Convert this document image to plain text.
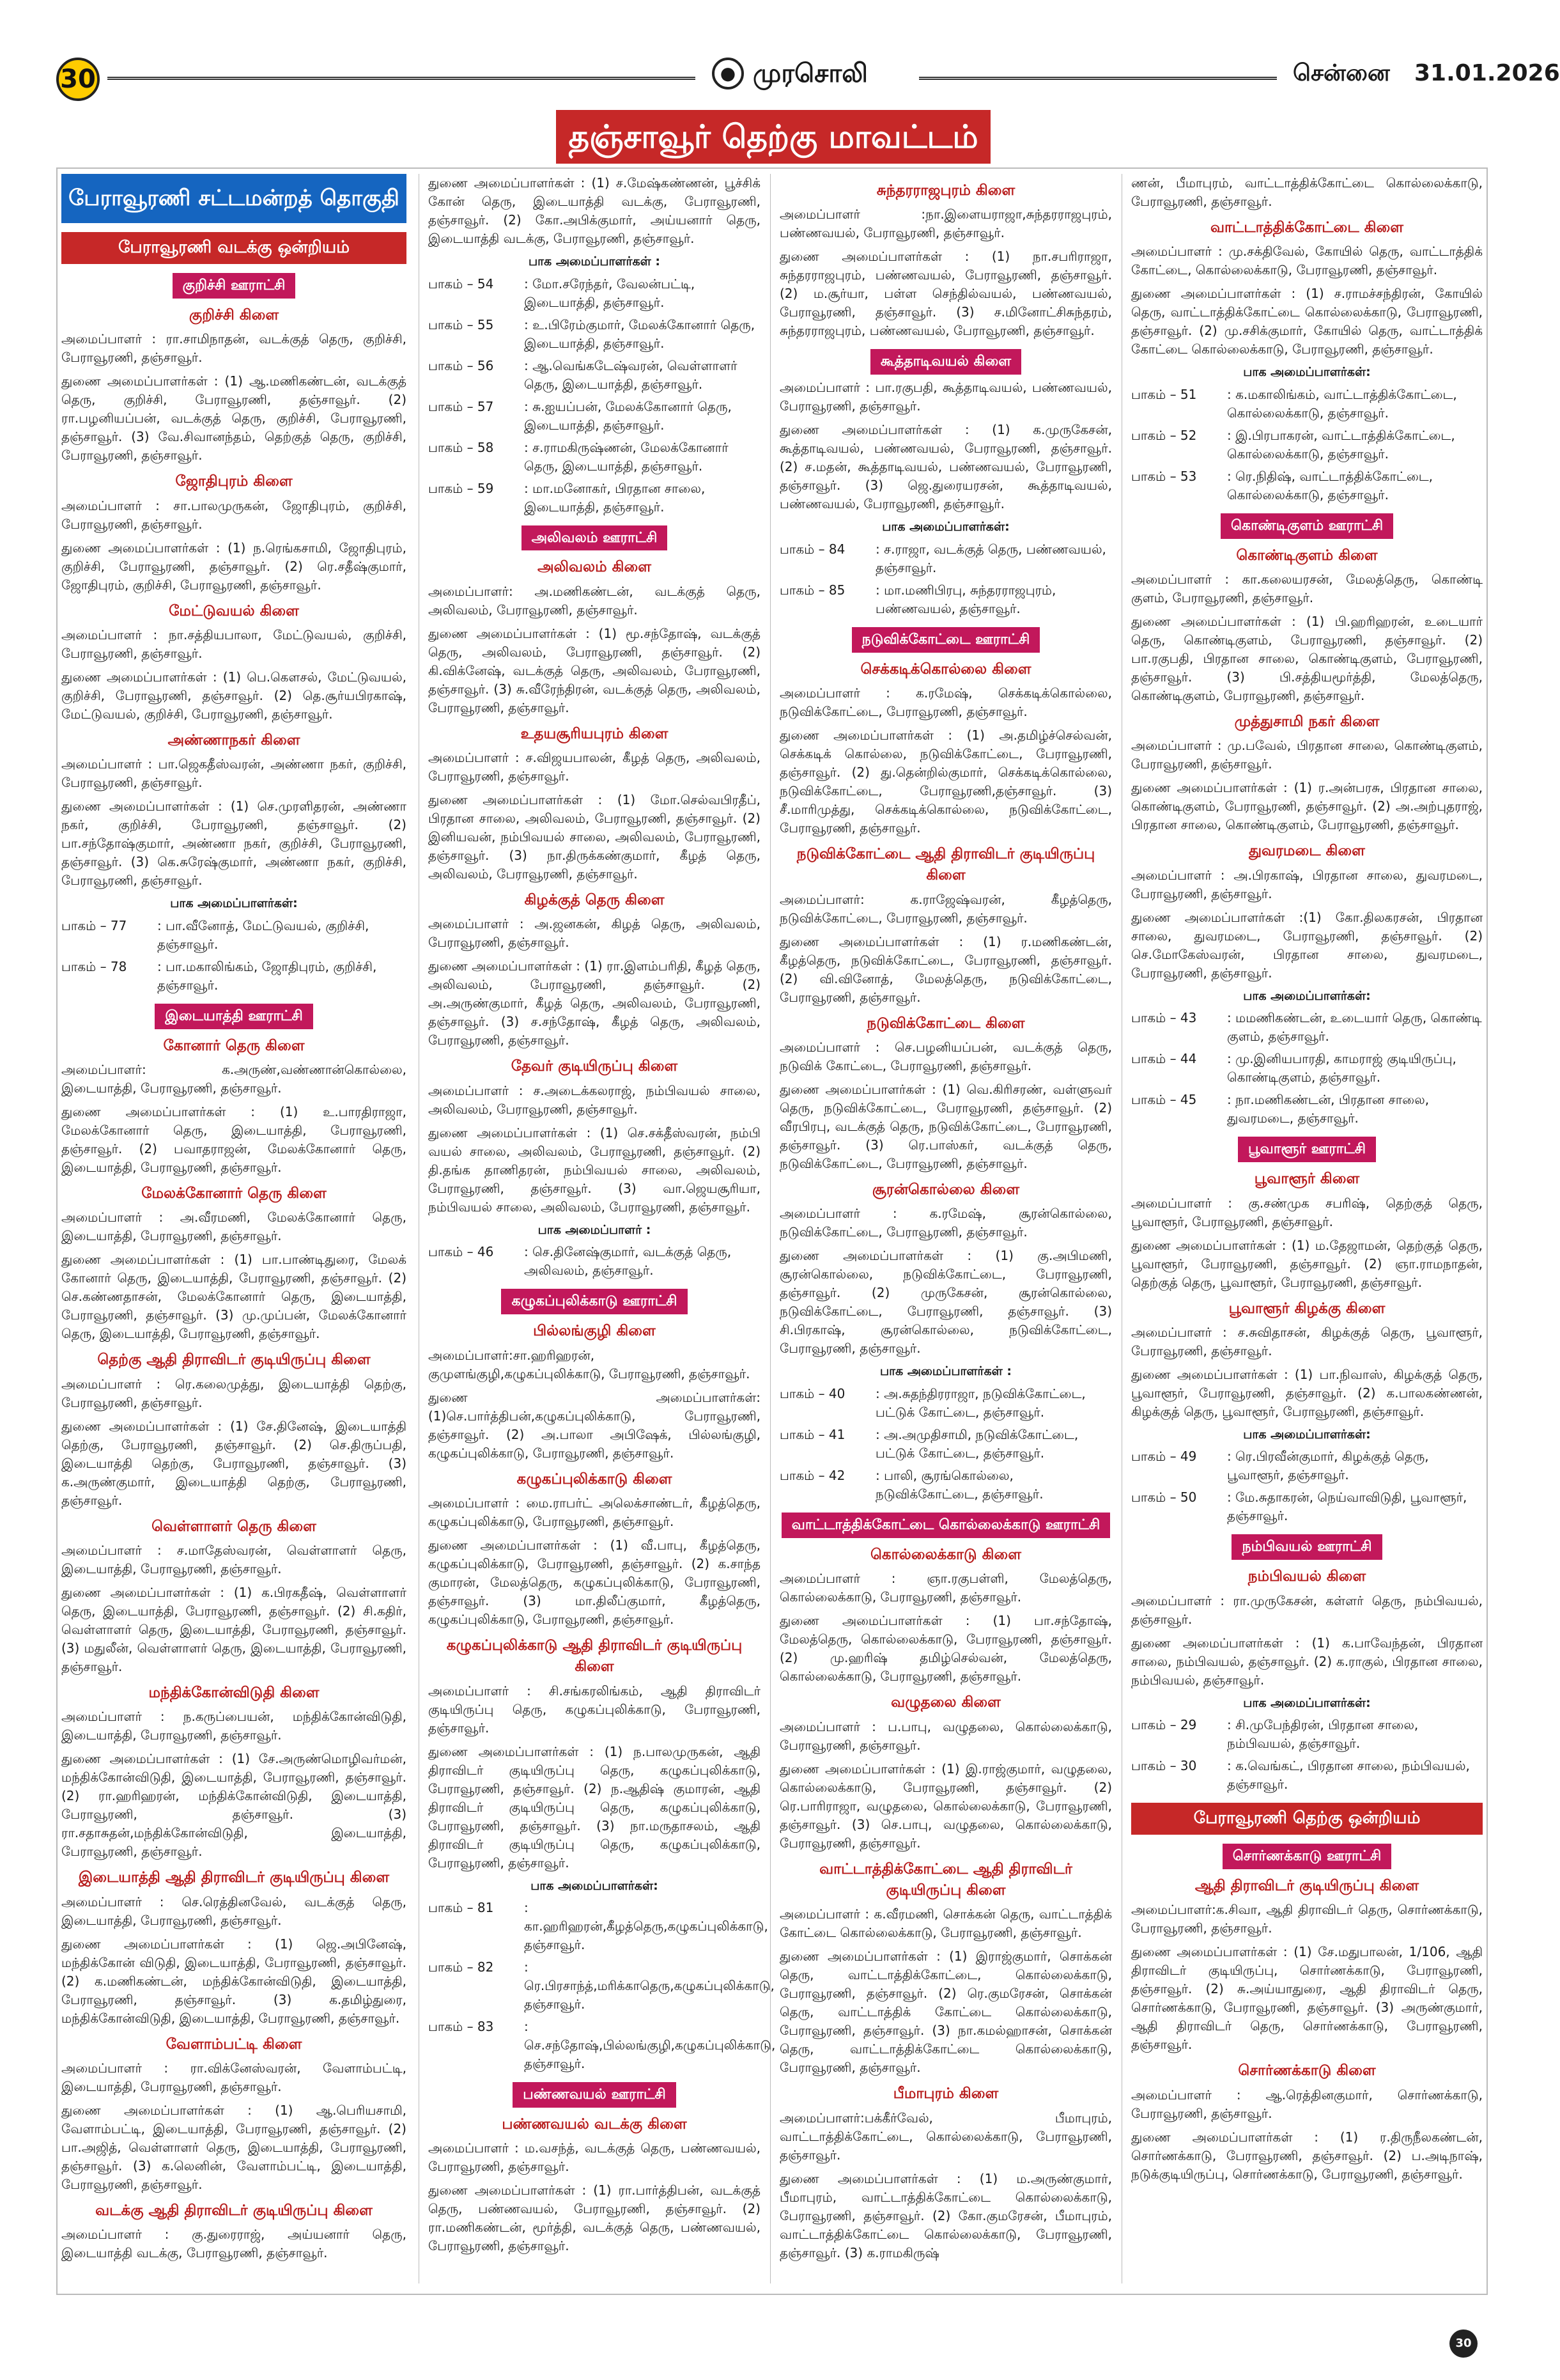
30	● முரசொலி	சென்னை 31.01.2026
தஞ்சாவூர் தெற்கு மாவட்டம்
பேராவூரணி சட்டமன்றத் தொகுதி
பேராவூரணி வடக்கு ஒன்றியம்
குறிச்சி ஊராட்சி
குறிச்சி கிளை

அமைப்பாளர் : ரா.சாமிநாதன், வடக்குத் தெரு, குறிச்சி, பேராவூரணி, தஞ்சாவூர்.

துணை அமைப்பாளர்கள் : (1) ஆ.மணிகண்டன், வடக்குத் தெரு, குறிச்சி, பேராவூரணி, தஞ்சாவூர். (2) ரா.பழனியப்பன், வடக்குத் தெரு, குறிச்சி, பேராவூரணி, தஞ்சாவூர். (3) வே.சிவானந்தம், தெற்குத் தெரு, குறிச்சி, பேராவூரணி, தஞ்சாவூர்.

ஜோதிபுரம் கிளை

அமைப்பாளர் : சா.பாலமுருகன், ஜோதிபுரம், குறிச்சி, பேராவூரணி, தஞ்சாவூர்.

துணை அமைப்பாளர்கள் : (1) ந.ரெங்கசாமி, ஜோதிபுரம், குறிச்சி, பேராவூரணி, தஞ்சாவூர். (2) ரெ.சதீஷ்குமார், ஜோதிபுரம், குறிச்சி, பேராவூரணி, தஞ்சாவூர்.

மேட்டுவயல் கிளை

அமைப்பாளர் : நா.சத்தியபாலா, மேட்டுவயல், குறிச்சி, பேராவூரணி, தஞ்சாவூர்.

துணை அமைப்பாளர்கள் : (1) பெ.கௌசல், மேட்டுவயல், குறிச்சி, பேராவூரணி, தஞ்சாவூர். (2) தெ.சூர்யபிரகாஷ், மேட்டுவயல், குறிச்சி, பேராவூரணி, தஞ்சாவூர்.

அண்ணாநகர் கிளை

அமைப்பாளர் : பா.ஜெகதீஸ்வரன், அண்ணா நகர், குறிச்சி, பேராவூரணி, தஞ்சாவூர்.

துணை அமைப்பாளர்கள் : (1) செ.முரளிதரன், அண்ணா நகர், குறிச்சி, பேராவூரணி, தஞ்சாவூர். (2) பா.சந்தோஷ்குமார், அண்ணா நகர், குறிச்சி, பேராவூரணி, தஞ்சாவூர். (3) கெ.சுரேஷ்குமார், அண்ணா நகர், குறிச்சி, பேராவூரணி, தஞ்சாவூர்.

பாக அமைப்பாளர்கள்:
பாகம் – 77	: பா.வீனோத், மேட்டுவயல், குறிச்சி, தஞ்சாவூர்.
பாகம் – 78	: பா.மகாலிங்கம், ஜோதிபுரம், குறிச்சி, தஞ்சாவூர்.
இடையாத்தி ஊராட்சி
கோனார் தெரு கிளை

அமைப்பாளர்: க.அருண்,வண்ணான்கொல்லை, இடையாத்தி, பேராவூரணி, தஞ்சாவூர்.

துணை அமைப்பாளர்கள் : (1) உ.பாரதிராஜா, மேலக்கோனார் தெரு, இடையாத்தி, பேராவூரணி, தஞ்சாவூர். (2) பவாதராஜன், மேலக்கோனார் தெரு, இடையாத்தி, பேராவூரணி, தஞ்சாவூர்.

மேலக்கோனார் தெரு கிளை

அமைப்பாளர் : அ.வீரமணி, மேலக்கோனார் தெரு, இடையாத்தி, பேராவூரணி, தஞ்சாவூர்.

துணை அமைப்பாளர்கள் : (1) பா.பாண்டிதுரை, மேலக் கோனார் தெரு, இடையாத்தி, பேராவூரணி, தஞ்சாவூர். (2) செ.கண்ணதாசன், மேலக்கோனார் தெரு, இடையாத்தி, பேராவூரணி, தஞ்சாவூர். (3) மு.முப்பன், மேலக்கோனார் தெரு, இடையாத்தி, பேராவூரணி, தஞ்சாவூர்.

தெற்கு ஆதி திராவிடர் குடியிருப்பு கிளை

அமைப்பாளர் : ரெ.கலைமுத்து, இடையாத்தி தெற்கு, பேராவூரணி, தஞ்சாவூர்.

துணை அமைப்பாளர்கள் : (1) சே.தினேஷ், இடையாத்தி தெற்கு, பேராவூரணி, தஞ்சாவூர். (2) செ.திருப்பதி, இடையாத்தி தெற்கு, பேராவூரணி, தஞ்சாவூர். (3) க.அருண்குமார், இடையாத்தி தெற்கு, பேராவூரணி, தஞ்சாவூர்.

வெள்ளாளர் தெரு கிளை

அமைப்பாளர் : ச.மாதேஸ்வரன், வெள்ளாளர் தெரு, இடையாத்தி, பேராவூரணி, தஞ்சாவூர்.

துணை அமைப்பாளர்கள் : (1) க.பிரகதீஷ், வெள்ளாளர் தெரு, இடையாத்தி, பேராவூரணி, தஞ்சாவூர். (2) சி.கதிர், வெள்ளாளர் தெரு, இடையாத்தி, பேராவூரணி, தஞ்சாவூர். (3) மதுலீன், வெள்ளாளர் தெரு, இடையாத்தி, பேராவூரணி, தஞ்சாவூர்.

மந்திக்கோன்விடுதி கிளை

அமைப்பாளர் : ந.கருப்பையன், மந்திக்கோன்விடுதி, இடையாத்தி, பேராவூரணி, தஞ்சாவூர்.

துணை அமைப்பாளர்கள் : (1) சே.அருண்மொழிவர்மன், மந்திக்கோன்விடுதி, இடையாத்தி, பேராவூரணி, தஞ்சாவூர். (2) ரா.ஹரிஹரன், மந்திக்கோன்விடுதி, இடையாத்தி, பேராவூரணி, தஞ்சாவூர். (3) ரா.சதாசுதன்,மந்திக்கோன்விடுதி, இடையாத்தி, பேராவூரணி, தஞ்சாவூர்.

இடையாத்தி ஆதி திராவிடர் குடியிருப்பு கிளை

அமைப்பாளர் : செ.ரெத்தினவேல், வடக்குத் தெரு, இடையாத்தி, பேராவூரணி, தஞ்சாவூர்.

துணை அமைப்பாளர்கள் : (1) ஜெ.அபினேஷ், மந்திக்கோன் விடுதி, இடையாத்தி, பேராவூரணி, தஞ்சாவூர். (2) க.மணிகண்டன், மந்திக்கோன்விடுதி, இடையாத்தி, பேராவூரணி, தஞ்சாவூர். (3) க.தமிழ்துரை, மந்திக்கோன்விடுதி, இடையாத்தி, பேராவூரணி, தஞ்சாவூர்.

வேளாம்பட்டி கிளை

அமைப்பாளர் : ரா.விக்னேஸ்வரன், வேளாம்பட்டி, இடையாத்தி, பேராவூரணி, தஞ்சாவூர்.

துணை அமைப்பாளர்கள் : (1) ஆ.பெரியசாமி, வேளாம்பட்டி, இடையாத்தி, பேராவூரணி, தஞ்சாவூர். (2) பா.அஜித், வெள்ளாளர் தெரு, இடையாத்தி, பேராவூரணி, தஞ்சாவூர். (3) க.லெனின், வேளாம்பட்டி, இடையாத்தி, பேராவூரணி, தஞ்சாவூர்.

வடக்கு ஆதி திராவிடர் குடியிருப்பு கிளை

அமைப்பாளர் : கு.துரைராஜ், அய்யனார் தெரு, இடையாத்தி வடக்கு, பேராவூரணி, தஞ்சாவூர்.

துணை அமைப்பாளர்கள் : (1) ச.மேஷ்கண்ணன், பூச்சிக் கோன் தெரு, இடையாத்தி வடக்கு, பேராவூரணி, தஞ்சாவூர். (2) கோ.அபிக்குமார், அய்யனார் தெரு, இடையாத்தி வடக்கு, பேராவூரணி, தஞ்சாவூர்.

பாக அமைப்பாளர்கள் :
பாகம் – 54	: மோ.சரேந்தர், வேலன்பட்டி, இடையாத்தி, தஞ்சாவூர்.
பாகம் – 55	: உ.பிரேம்குமார், மேலக்கோனார் தெரு, இடையாத்தி, தஞ்சாவூர்.
பாகம் – 56	: ஆ.வெங்கடேஷ்வரன், வெள்ளாளர் தெரு, இடையாத்தி, தஞ்சாவூர்.
பாகம் – 57	: சு.ஐயப்பன், மேலக்கோனார் தெரு, இடையாத்தி, தஞ்சாவூர்.
பாகம் – 58	: ச.ராமகிருஷ்ணன், மேலக்கோனார் தெரு, இடையாத்தி, தஞ்சாவூர்.
பாகம் – 59	: மா.மனோகர், பிரதான சாலை, இடையாத்தி, தஞ்சாவூர்.
அலிவலம் ஊராட்சி
அலிவலம் கிளை

அமைப்பாளர்: அ.மணிகண்டன், வடக்குத் தெரு, அலிவலம், பேராவூரணி, தஞ்சாவூர்.

துணை அமைப்பாளர்கள் : (1) மூ.சந்தோஷ், வடக்குத் தெரு, அலிவலம், பேராவூரணி, தஞ்சாவூர். (2) கி.விக்னேஷ், வடக்குத் தெரு, அலிவலம், பேராவூரணி, தஞ்சாவூர். (3) சு.வீரேந்திரன், வடக்குத் தெரு, அலிவலம், பேராவூரணி, தஞ்சாவூர்.

உதயசூரியபுரம் கிளை

அமைப்பாளர் : ச.விஜயபாலன், கீழத் தெரு, அலிவலம், பேராவூரணி, தஞ்சாவூர்.

துணை அமைப்பாளர்கள் : (1) மோ.செல்வபிரதீப், பிரதான சாலை, அலிவலம், பேராவூரணி, தஞ்சாவூர். (2) இனியவன், நம்பிவயல் சாலை, அலிவலம், பேராவூரணி, தஞ்சாவூர். (3) நா.திருக்கண்குமார், கீழத் தெரு, அலிவலம், பேராவூரணி, தஞ்சாவூர்.

கிழக்குத் தெரு கிளை

அமைப்பாளர் : அ.ஜனகன், கிழத் தெரு, அலிவலம், பேராவூரணி, தஞ்சாவூர்.

துணை அமைப்பாளர்கள் : (1) ரா.இளம்பரிதி, கீழத் தெரு, அலிவலம், பேராவூரணி, தஞ்சாவூர். (2) அ.அருண்குமார், கீழத் தெரு, அலிவலம், பேராவூரணி, தஞ்சாவூர். (3) ச.சந்தோஷ், கீழத் தெரு, அலிவலம், பேராவூரணி, தஞ்சாவூர்.

தேவர் குடியிருப்பு கிளை

அமைப்பாளர் : ச.அடைக்கலராஜ், நம்பிவயல் சாலை, அலிவலம், பேராவூரணி, தஞ்சாவூர்.

துணை அமைப்பாளர்கள் : (1) செ.சக்தீஸ்வரன், நம்பி வயல் சாலை, அலிவலம், பேராவூரணி, தஞ்சாவூர். (2) தி.தங்க தாணிதரன், நம்பிவயல் சாலை, அலிவலம், பேராவூரணி, தஞ்சாவூர். (3) வா.ஜெயசூரியா, நம்பிவயல் சாலை, அலிவலம், பேராவூரணி, தஞ்சாவூர்.

பாக அமைப்பாளர் :
பாகம் – 46	: செ.தினேஷ்குமார், வடக்குத் தெரு, அலிவலம், தஞ்சாவூர்.
கழுகப்புலிக்காடு ஊராட்சி
பில்லங்குழி கிளை

அமைப்பாளர்:சா.ஹரிஹரன், குமுளங்குழி,கழுகப்புலிக்காடு, பேராவூரணி, தஞ்சாவூர்.

துணை அமைப்பாளர்கள்:(1)செ.பார்த்திபன்,கழுகப்புலிக்காடு, பேராவூரணி, தஞ்சாவூர். (2) அ.பாலா அபிஷேக், பில்லங்குழி, கழுகப்புலிக்காடு, பேராவூரணி, தஞ்சாவூர்.

கழுகப்புலிக்காடு கிளை

அமைப்பாளர் : மை.ராபர்ட் அலெக்சாண்டர், கீழத்தெரு, கழுகப்புலிக்காடு, பேராவூரணி, தஞ்சாவூர்.

துணை அமைப்பாளர்கள் : (1) வீ.பாபு, கீழத்தெரு, கழுகப்புலிக்காடு, பேராவூரணி, தஞ்சாவூர். (2) க.சாந்த குமாரன், மேலத்தெரு, கழுகப்புலிக்காடு, பேராவூரணி, தஞ்சாவூர். (3) மா.திலீப்குமார், கீழத்தெரு, கழுகப்புலிக்காடு, பேராவூரணி, தஞ்சாவூர்.

கழுகப்புலிக்காடு ஆதி திராவிடர் குடியிருப்பு கிளை

அமைப்பாளர் : சி.சங்கரலிங்கம், ஆதி திராவிடர் குடியிருப்பு தெரு, கழுகப்புலிக்காடு, பேராவூரணி, தஞ்சாவூர்.

துணை அமைப்பாளர்கள் : (1) ந.பாலமுருகன், ஆதி திராவிடர் குடியிருப்பு தெரு, கழுகப்புலிக்காடு, பேராவூரணி, தஞ்சாவூர். (2) ந.ஆதிஷ் குமாரன், ஆதி திராவிடர் குடியிருப்பு தெரு, கழுகப்புலிக்காடு, பேராவூரணி, தஞ்சாவூர். (3) நா.மருதாசலம், ஆதி திராவிடர் குடியிருப்பு தெரு, கழுகப்புலிக்காடு, பேராவூரணி, தஞ்சாவூர்.

பாக அமைப்பாளர்கள்:
பாகம் – 81	: கா.ஹரிஹரன்,கீழத்தெரு,கழுகப்புலிக்காடு, தஞ்சாவூர்.
பாகம் – 82	: ரெ.பிரசாந்த்,மரிக்காதெரு,கழுகப்புலிக்காடு, தஞ்சாவூர்.
பாகம் – 83	: செ.சந்தோஷ்,பில்லங்குழி,கழுகப்புலிக்காடு, தஞ்சாவூர்.
பண்ணவயல் ஊராட்சி
பண்ணவயல் வடக்கு கிளை

அமைப்பாளர் : ம.வசந்த், வடக்குத் தெரு, பண்ணவயல், பேராவூரணி, தஞ்சாவூர்.

துணை அமைப்பாளர்கள் : (1) ரா.பார்த்திபன், வடக்குத் தெரு, பண்ணவயல், பேராவூரணி, தஞ்சாவூர். (2) ரா.மணிகண்டன், மூர்த்தி, வடக்குத் தெரு, பண்ணவயல், பேராவூரணி, தஞ்சாவூர்.

சுந்தரராஜபுரம் கிளை

அமைப்பாளர் :நா.இளையராஜா,சுந்தரராஜபுரம், பண்ணவயல், பேராவூரணி, தஞ்சாவூர்.

துணை அமைப்பாளர்கள் : (1) நா.சபரிராஜா, சுந்தரராஜபுரம், பண்ணவயல், பேராவூரணி, தஞ்சாவூர். (2) ம.சூர்யா, பள்ள செந்தில்வயல், பண்ணவயல், பேராவூரணி, தஞ்சாவூர். (3) ச.மினோட்சிசுந்தரம், சுந்தரராஜபுரம், பண்ணவயல், பேராவூரணி, தஞ்சாவூர்.

கூத்தாடிவயல் கிளை

அமைப்பாளர் : பா.ரகுபதி, கூத்தாடிவயல், பண்ணவயல், பேராவூரணி, தஞ்சாவூர்.

துணை அமைப்பாளர்கள் : (1) க.முருகேசன், கூத்தாடிவயல், பண்ணவயல், பேராவூரணி, தஞ்சாவூர். (2) ச.மதன், கூத்தாடிவயல், பண்ணவயல், பேராவூரணி, தஞ்சாவூர். (3) ஜெ.துரையரசன், கூத்தாடிவயல், பண்ணவயல், பேராவூரணி, தஞ்சாவூர்.

பாக அமைப்பாளர்கள்:
பாகம் – 84	: ச.ராஜா, வடக்குத் தெரு, பண்ணவயல், தஞ்சாவூர்.
பாகம் – 85	: மா.மணிபிரபு, சுந்தரராஜபுரம், பண்ணவயல், தஞ்சாவூர்.
நடுவிக்கோட்டை ஊராட்சி
செக்கடிக்கொல்லை கிளை

அமைப்பாளர் : க.ரமேஷ், செக்கடிக்கொல்லை, நடுவிக்கோட்டை, பேராவூரணி, தஞ்சாவூர்.

துணை அமைப்பாளர்கள் : (1) அ.தமிழ்ச்செல்வன், செக்கடிக் கொல்லை, நடுவிக்கோட்டை, பேராவூரணி, தஞ்சாவூர். (2) து.தென்றில்குமார், செக்கடிக்கொல்லை, நடுவிக்கோட்டை, பேராவூரணி,தஞ்சாவூர். (3) சீ.மாரிமுத்து, செக்கடிக்கொல்லை, நடுவிக்கோட்டை, பேராவூரணி, தஞ்சாவூர்.

நடுவிக்கோட்டை ஆதி திராவிடர் குடியிருப்பு கிளை

அமைப்பாளர்: க.ராஜேஷ்வரன், கீழத்தெரு, நடுவிக்கோட்டை, பேராவூரணி, தஞ்சாவூர்.

துணை அமைப்பாளர்கள் : (1) ர.மணிகண்டன், கீழத்தெரு, நடுவிக்கோட்டை, பேராவூரணி, தஞ்சாவூர். (2) வி.வினோத், மேலத்தெரு, நடுவிக்கோட்டை, பேராவூரணி, தஞ்சாவூர்.

நடுவிக்கோட்டை கிளை

அமைப்பாளர் : செ.பழனியப்பன், வடக்குத் தெரு, நடுவிக் கோட்டை, பேராவூரணி, தஞ்சாவூர்.

துணை அமைப்பாளர்கள் : (1) வெ.கிரிசரண், வள்ளுவர் தெரு, நடுவிக்கோட்டை, பேராவூரணி, தஞ்சாவூர். (2) வீரபிரபு, வடக்குத் தெரு, நடுவிக்கோட்டை, பேராவூரணி, தஞ்சாவூர். (3) ரெ.பாஸ்கர், வடக்குத் தெரு, நடுவிக்கோட்டை, பேராவூரணி, தஞ்சாவூர்.

சூரன்கொல்லை கிளை

அமைப்பாளர் : க.ரமேஷ், சூரன்கொல்லை, நடுவிக்கோட்டை, பேராவூரணி, தஞ்சாவூர்.

துணை அமைப்பாளர்கள் : (1) கு.அபிமணி, சூரன்கொல்லை, நடுவிக்கோட்டை, பேராவூரணி, தஞ்சாவூர். (2) முருகேசன், சூரன்கொல்லை, நடுவிக்கோட்டை, பேராவூரணி, தஞ்சாவூர். (3) சி.பிரகாஷ், சூரன்கொல்லை, நடுவிக்கோட்டை, பேராவூரணி, தஞ்சாவூர்.

பாக அமைப்பாளர்கள் :
பாகம் – 40	: அ.சுதந்திரராஜா, நடுவிக்கோட்டை, பட்டுக் கோட்டை, தஞ்சாவூர்.
பாகம் – 41	: அ.அமுதிசாமி, நடுவிக்கோட்டை, பட்டுக் கோட்டை, தஞ்சாவூர்.
பாகம் – 42	: பாலி, சூரங்கொல்லை, நடுவிக்கோட்டை, தஞ்சாவூர்.
வாட்டாத்திக்கோட்டை கொல்லைக்காடு ஊராட்சி
கொல்லைக்காடு கிளை

அமைப்பாளர் : ஞா.ரகுபள்ளி, மேலத்தெரு, கொல்லைக்காடு, பேராவூரணி, தஞ்சாவூர்.

துணை அமைப்பாளர்கள் : (1) பா.சந்தோஷ், மேலத்தெரு, கொல்லைக்காடு, பேராவூரணி, தஞ்சாவூர். (2) மு.ஹரிஷ் தமிழ்செல்வன், மேலத்தெரு, கொல்லைக்காடு, பேராவூரணி, தஞ்சாவூர்.

வழுதலை கிளை

அமைப்பாளர் : ப.பாபு, வழுதலை, கொல்லைக்காடு, பேராவூரணி, தஞ்சாவூர்.

துணை அமைப்பாளர்கள் : (1) இ.ராஜ்குமார், வழுதலை, கொல்லைக்காடு, பேராவூரணி, தஞ்சாவூர். (2) ரெ.பாரிராஜா, வழுதலை, கொல்லைக்காடு, பேராவூரணி, தஞ்சாவூர். (3) செ.பாபு, வழுதலை, கொல்லைக்காடு, பேராவூரணி, தஞ்சாவூர்.

வாட்டாத்திக்கோட்டை ஆதி திராவிடர் குடியிருப்பு கிளை

அமைப்பாளர் : க.வீரமணி, சொக்கன் தெரு, வாட்டாத்திக் கோட்டை கொல்லைக்காடு, பேராவூரணி, தஞ்சாவூர்.

துணை அமைப்பாளர்கள் : (1) இராஜ்குமார், சொக்கன் தெரு, வாட்டாத்திக்கோட்டை, கொல்லைக்காடு, பேராவூரணி, தஞ்சாவூர். (2) ரெ.குமரேசன், சொக்கன் தெரு, வாட்டாத்திக் கோட்டை கொல்லைக்காடு, பேராவூரணி, தஞ்சாவூர். (3) நா.கமல்ஹாசன், சொக்கன் தெரு, வாட்டாத்திக்கோட்டை கொல்லைக்காடு, பேராவூரணி, தஞ்சாவூர்.

பீமாபுரம் கிளை

அமைப்பாளர்:பக்கீர்வேல், பீமாபுரம், வாட்டாத்திக்கோட்டை, கொல்லைக்காடு, பேராவூரணி, தஞ்சாவூர்.

துணை அமைப்பாளர்கள் : (1) ம.அருண்குமார், பீமாபுரம், வாட்டாத்திக்கோட்டை கொல்லைக்காடு, பேராவூரணி, தஞ்சாவூர். (2) கோ.குமரேசன், பீமாபுரம், வாட்டாத்திக்கோட்டை கொல்லைக்காடு, பேராவூரணி, தஞ்சாவூர். (3) க.ராமகிருஷ்

ணன், பீமாபுரம், வாட்டாத்திக்கோட்டை கொல்லைக்காடு, பேராவூரணி, தஞ்சாவூர்.

வாட்டாத்திக்கோட்டை கிளை

அமைப்பாளர் : மு.சக்திவேல், கோயில் தெரு, வாட்டாத்திக் கோட்டை, கொல்லைக்காடு, பேராவூரணி, தஞ்சாவூர்.

துணை அமைப்பாளர்கள் : (1) ச.ராமச்சந்திரன், கோயில் தெரு, வாட்டாத்திக்கோட்டை கொல்லைக்காடு, பேராவூரணி, தஞ்சாவூர். (2) மு.சசிக்குமார், கோயில் தெரு, வாட்டாத்திக் கோட்டை கொல்லைக்காடு, பேராவூரணி, தஞ்சாவூர்.

பாக அமைப்பாளர்கள்:
பாகம் – 51	: க.மகாலிங்கம், வாட்டாத்திக்கோட்டை, கொல்லைக்காடு, தஞ்சாவூர்.
பாகம் – 52	: இ.பிரபாகரன், வாட்டாத்திக்கோட்டை, கொல்லைக்காடு, தஞ்சாவூர்.
பாகம் – 53	: ரெ.நிதிஷ், வாட்டாத்திக்கோட்டை, கொல்லைக்காடு, தஞ்சாவூர்.
கொண்டிகுளம் ஊராட்சி
கொண்டிகுளம் கிளை

அமைப்பாளர் : கா.கலையரசன், மேலத்தெரு, கொண்டி குளம், பேராவூரணி, தஞ்சாவூர்.

துணை அமைப்பாளர்கள் : (1) பி.ஹரிஹரன், உடையார் தெரு, கொண்டிகுளம், பேராவூரணி, தஞ்சாவூர். (2) பா.ரகுபதி, பிரதான சாலை, கொண்டிகுளம், பேராவூரணி, தஞ்சாவூர். (3) பி.சத்தியமூர்த்தி, மேலத்தெரு, கொண்டிகுளம், பேராவூரணி, தஞ்சாவூர்.

முத்துசாமி நகர் கிளை

அமைப்பாளர் : மு.பவேல், பிரதான சாலை, கொண்டிகுளம், பேராவூரணி, தஞ்சாவூர்.

துணை அமைப்பாளர்கள் : (1) ர.அன்பரசு, பிரதான சாலை, கொண்டிகுளம், பேராவூரணி, தஞ்சாவூர். (2) அ.அற்புதராஜ், பிரதான சாலை, கொண்டிகுளம், பேராவூரணி, தஞ்சாவூர்.

துவரமடை கிளை

அமைப்பாளர் : அ.பிரகாஷ், பிரதான சாலை, துவரமடை, பேராவூரணி, தஞ்சாவூர்.

துணை அமைப்பாளர்கள் :(1) கோ.திலகரசன், பிரதான சாலை, துவரமடை, பேராவூரணி, தஞ்சாவூர். (2) செ.மோகேஸ்வரன், பிரதான சாலை, துவரமடை, பேராவூரணி, தஞ்சாவூர்.

பாக அமைப்பாளர்கள்:
பாகம் – 43	: மமணிகண்டன், உடையார் தெரு, கொண்டி குளம், தஞ்சாவூர்.
பாகம் – 44	: மு.இனியபாரதி, காமராஜ் குடியிருப்பு, கொண்டிகுளம், தஞ்சாவூர்.
பாகம் – 45	: நா.மணிகண்டன், பிரதான சாலை, துவரமடை, தஞ்சாவூர்.
பூவாளூர் ஊராட்சி
பூவாளூர் கிளை

அமைப்பாளர் : கு.சண்முக சபரிஷ், தெற்குத் தெரு, பூவாளூர், பேராவூரணி, தஞ்சாவூர்.

துணை அமைப்பாளர்கள் : (1) ம.தேஜாமன், தெற்குத் தெரு, பூவாளூர், பேராவூரணி, தஞ்சாவூர். (2) ஞா.ராமநாதன், தெற்குத் தெரு, பூவாளூர், பேராவூரணி, தஞ்சாவூர்.

பூவாளூர் கிழக்கு கிளை

அமைப்பாளர் : ச.சுவிதாசன், கிழக்குத் தெரு, பூவாளூர், பேராவூரணி, தஞ்சாவூர்.

துணை அமைப்பாளர்கள் : (1) பா.நிவாஸ், கிழக்குத் தெரு, பூவாளூர், பேராவூரணி, தஞ்சாவூர். (2) க.பாலகண்ணன், கிழக்குத் தெரு, பூவாளூர், பேராவூரணி, தஞ்சாவூர்.

பாக அமைப்பாளர்கள்:
பாகம் – 49	: ரெ.பிரவீன்குமார், கிழக்குத் தெரு, பூவாளூர், தஞ்சாவூர்.
பாகம் – 50	: மே.சுதாகரன், நெய்வாவிடுதி, பூவாளூர், தஞ்சாவூர்.
நம்பிவயல் ஊராட்சி
நம்பிவயல் கிளை

அமைப்பாளர் : ரா.முருகேசன், கள்ளர் தெரு, நம்பிவயல், தஞ்சாவூர்.

துணை அமைப்பாளர்கள் : (1) க.பாவேந்தன், பிரதான சாலை, நம்பிவயல், தஞ்சாவூர். (2) க.ராகுல், பிரதான சாலை, நம்பிவயல், தஞ்சாவூர்.

பாக அமைப்பாளர்கள்:
பாகம் – 29	: சி.முபேந்திரன், பிரதான சாலை, நம்பிவயல், தஞ்சாவூர்.
பாகம் – 30	: க.வெங்கட், பிரதான சாலை, நம்பிவயல், தஞ்சாவூர்.
பேராவூரணி தெற்கு ஒன்றியம்
சொர்ணக்காடு ஊராட்சி
ஆதி திராவிடர் குடியிருப்பு கிளை

அமைப்பாளர்:க.சிவா, ஆதி திராவிடர் தெரு, சொர்ணக்காடு, பேராவூரணி, தஞ்சாவூர்.

துணை அமைப்பாளர்கள் : (1) சே.மதுபாலன், 1/106, ஆதி திராவிடர் குடியிருப்பு, சொர்ணக்காடு, பேராவூரணி, தஞ்சாவூர். (2) சு.அய்யாதுரை, ஆதி திராவிடர் தெரு, சொர்ணக்காடு, பேராவூரணி, தஞ்சாவூர். (3) அருண்குமார், ஆதி திராவிடர் தெரு, சொர்ணக்காடு, பேராவூரணி, தஞ்சாவூர்.

சொர்ணக்காடு கிளை

அமைப்பாளர் : ஆ.ரெத்தினகுமார், சொர்ணக்காடு, பேராவூரணி, தஞ்சாவூர்.

துணை அமைப்பாளர்கள் : (1) ர.திருநீலகண்டன், சொர்ணக்காடு, பேராவூரணி, தஞ்சாவூர். (2) ப.அடிநாஷ், நடுக்குடியிருப்பு, சொர்ணக்காடு, பேராவூரணி, தஞ்சாவூர்.

30
